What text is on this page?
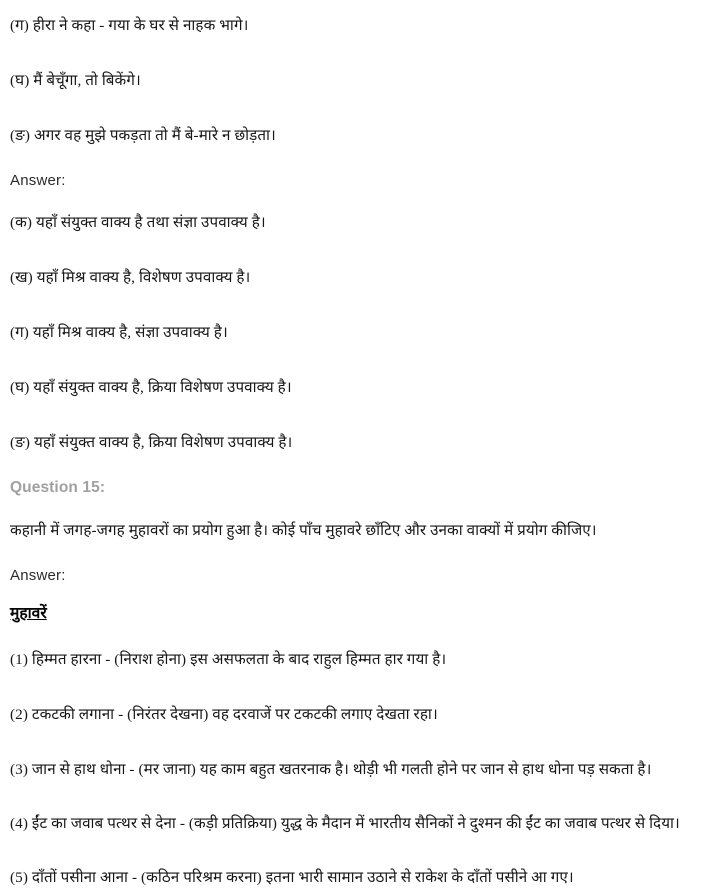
(ग) हीरा ने कहा - गया के घर से नाहक भागे।

(घ) मैं बेचूँगा, तो बिकेंगे।

(ङ) अगर वह मुझे पकड़ता तो मैं बे-मारे न छोड़ता।

Answer:

(क) यहाँ संयुक्त वाक्य है तथा संज्ञा उपवाक्य है।

(ख) यहाँ मिश्र वाक्य है, विशेषण उपवाक्य है।

(ग) यहाँ मिश्र वाक्य है, संज्ञा उपवाक्य है।

(घ) यहाँ संयुक्त वाक्य है, क्रिया विशेषण उपवाक्य है।

(ङ) यहाँ संयुक्त वाक्य है, क्रिया विशेषण उपवाक्य है।

Question 15:

कहानी में जगह-जगह मुहावरों का प्रयोग हुआ है। कोई पाँच मुहावरे छाँटिए और उनका वाक्यों में प्रयोग कीजिए।

Answer:

मुहावरें

(1) हिम्मत हारना - (निराश होना) इस असफलता के बाद राहुल हिम्मत हार गया है।

(2) टकटकी लगाना - (निरंतर देखना) वह दरवाजें पर टकटकी लगाए देखता रहा।

(3) जान से हाथ धोना - (मर जाना) यह काम बहुत खतरनाक है। थोड़ी भी गलती होने पर जान से हाथ धोना पड़ सकता है।

(4) ईंट का जवाब पत्थर से देना - (कड़ी प्रतिक्रिया) युद्ध के मैदान में भारतीय सैनिकों ने दुश्मन की ईंट का जवाब पत्थर से दिया।

(5) दाँतों पसीना आना - (कठिन परिश्रम करना) इतना भारी सामान उठाने से राकेश के दाँतों पसीने आ गए।
